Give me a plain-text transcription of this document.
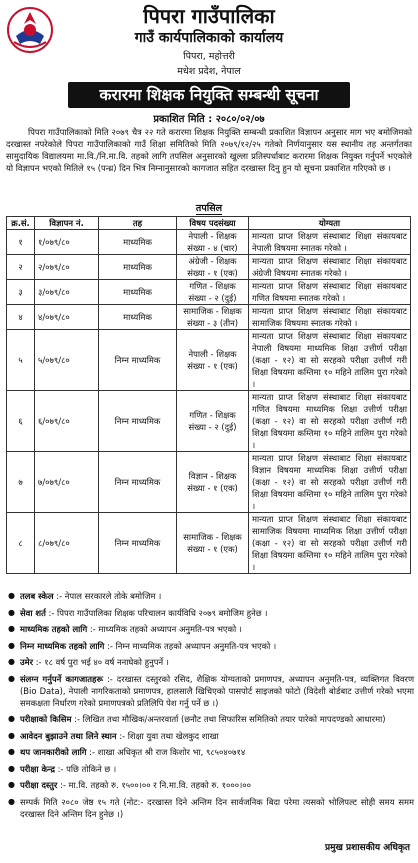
पिपरा गाउँपालिका
गाउँ कार्यपालिकाको कार्यालय
पिपरा, महोत्तरी
मधेश प्रदेश, नेपाल
करारमा शिक्षक नियुक्ति सम्बन्धी सूचना
प्रकाशित मिति : २०८०/०२/०७
पिपरा गाउँपालिकाको मिति २०७९ चैत्र २२ गते करारमा शिक्षक नियुक्ति सम्बन्धी प्रकाशित विज्ञापन अनुसार माग भए बमोजिमको दरखास्त नपरेकोले पिपरा गाउँपालिकाको गाउँ शिक्षा समितिको मिति २०७९/१२/२५ गतेको निर्णयानुसार यस स्थानीय तह अन्तर्गतका सामुदायिक विद्यालयमा मा.वि./नि.मा.वि. तहको लागि तपसिल अनुसारको खुल्ला प्रतिस्पर्धाबाट करारमा शिक्षक नियुक्त गर्नुपर्ने भएकोले यो विज्ञापन भएको मितिले १५ (पन्ध्र) दिन भित्र निम्नानुसारको कागजात सहित दरखास्त दिनु हुन यो सूचना प्रकाशित गरिएको छ ।
तपसिल
क्र.सं.	विज्ञापन नं.	तह	विषय पदसंख्या	योग्यता
१	१/०७९/८०	माध्यमिक	नेपाली - शिक्षक संख्या - ४ (चार)	मान्यता प्राप्त शिक्षण संस्थाबाट शिक्षा संकायबाट नेपाली विषयमा स्नातक गरेको ।
२	२/०७९/८०	माध्यमिक	अंग्रेजी - शिक्षक संख्या - १ (एक)	मान्यता प्राप्त शिक्षण संस्थाबाट शिक्षा संकायबाट अंग्रेजी विषयमा स्नातक गरेको ।
३	३/०७९/८०	माध्यमिक	गणित - शिक्षक संख्या - २ (दुई)	मान्यता प्राप्त शिक्षण संस्थाबाट शिक्षा संकायबाट गणित विषयमा स्नातक गरेको ।
४	४/०७९/८०	माध्यमिक	सामाजिक - शिक्षक संख्या - ३ (तीन)	मान्यता प्राप्त शिक्षण संस्थाबाट शिक्षा संकायबाट सामाजिक विषयमा स्नातक गरेको ।
५	५/०७९/८०	निम्न माध्यमिक	नेपाली - शिक्षक संख्या - १ (एक)	मान्यता प्राप्त शिक्षण संस्थाबाट शिक्षा संकायबाट नेपाली विषयमा माध्यमिक शिक्षा उत्तीर्ण परीक्षा (कक्षा - १२) वा सो सरहको परीक्षा उत्तीर्ण गरी शिक्षा विषयमा कम्तिमा १० महिने तालिम पुरा गरेको ।
६	६/०७९/८०	निम्न माध्यमिक	गणित - शिक्षक संख्या - २ (दुई)	मान्यता प्राप्त शिक्षण संस्थाबाट शिक्षा संकायबाट गणित विषयमा माध्यमिक शिक्षा उत्तीर्ण परीक्षा (कक्षा - १२) वा सो सरहको परीक्षा उत्तीर्ण गरी शिक्षा विषयमा कम्तिमा १० महिने तालिम पुरा गरेको ।
७	७/०७९/८०	निम्न माध्यमिक	विज्ञान - शिक्षक संख्या - १ (एक)	मान्यता प्राप्त शिक्षण संस्थाबाट शिक्षा संकायबाट विज्ञान विषयमा माध्यमिक शिक्षा उत्तीर्ण परीक्षा (कक्षा - १२) वा सो सरहको परीक्षा उत्तीर्ण गरी शिक्षा विषयमा कम्तिमा १० महिने तालिम पुरा गरेको ।
८	८/०७९/८०	निम्न माध्यमिक	सामाजिक - शिक्षक संख्या - १ (एक)	मान्यता प्राप्त शिक्षण संस्थाबाट शिक्षा संकायबाट सामाजिक विषयमा माध्यमिक शिक्षा उत्तीर्ण परीक्षा (कक्षा - १२) वा सो सरहको परीक्षा उत्तीर्ण गरी शिक्षा विषयमा कम्तिमा १० महिने तालिम पुरा गरेको ।
● तलब स्केल :- नेपाल सरकारले तोके बमोजिम ।
● सेवा शर्त :- पिपरा गाउँपालिका शिक्षक परिचालन कार्यविधि २०७९ बमोजिम हुनेछ ।
● माध्यमिक तहको लागि :- माध्यमिक तहको अध्यापन अनुमति-पत्र भएको ।
● निम्न माध्यमिक तहको लागि :- निम्न माध्यमिक तहको अध्यापन अनुमति-पत्र भएको ।
● उमेर :- १८ वर्ष पुरा भई ४० वर्ष ननाघेको हुनुपर्ने ।
● संलग्न गर्नुपर्ने कागजातहरू :- दरखास्त दस्तुरको रसिद, शैक्षिक योग्यताको प्रमाणपत्र, अध्यापन अनुमति-पत्र, व्यक्तिगत विवरण (Bio Data), नेपाली नागरिकताको प्रमाणपत्र, हालसालै खिचिएको पासपोर्ट साइजको फोटो (विदेशी बोर्डबाट उत्तीर्ण गरेको भएमा समकक्षता निर्धारण गरेको प्रमाणपत्रको प्रतिलिपि पेश गर्नु पर्ने छ ।)
● परीक्षाको किसिम :- लिखित तथा मौखिक/अन्तरवार्ता (छनौट तथा सिफारिस समितिको तयार पारेको मापदण्डको आधारमा)
● आवेदन बुझाउने तथा लिने स्थान :- शिक्षा युवा तथा खेलकुद शाखा
● थप जानकारीको लागि :- शाखा अधिकृत श्री राज किशोर भा, ९८५०४०७१४
● परीक्षा केन्द्र :- पछि तोकिने छ ।
● परीक्षा दस्तुर :- मा.वि. तहको रु. १५००।०० र नि.मा.वि. तहको रु. १०००।००
● सम्पर्क मिति २०८० जेष्ठ १५ गते (नोट:- दरखास्त दिने अन्तिम दिन सार्वजनिक बिदा परेमा त्यसको भोलिपल्ट सोही समय समम दरखास्त दिने अन्तिम दिन हुनेछ ।)
प्रमुख प्रशासकीय अधिकृत
